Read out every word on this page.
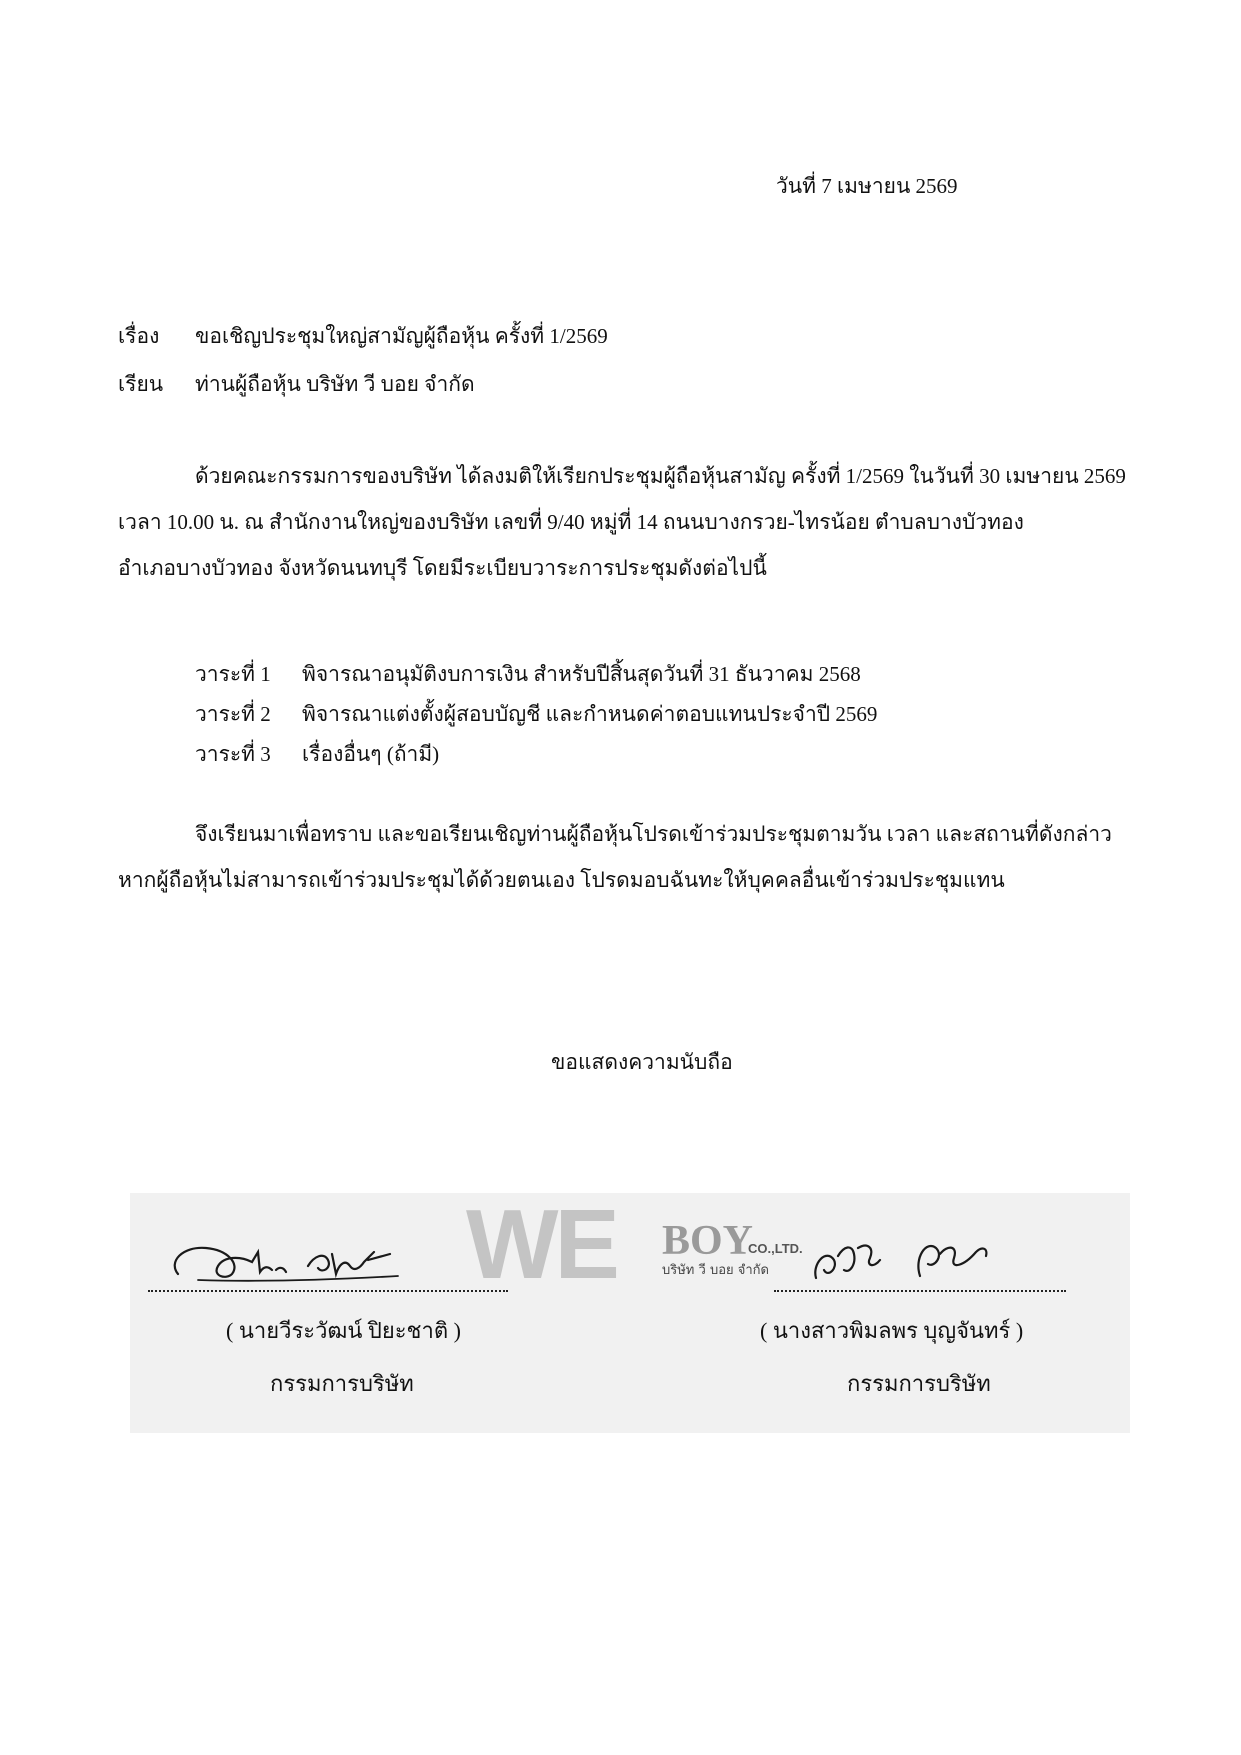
วันที่ 7 เมษายน 2569
เรื่อง ขอเชิญประชุมใหญ่สามัญผู้ถือหุ้น ครั้งที่ 1/2569
เรียน ท่านผู้ถือหุ้น บริษัท วี บอย จำกัด
ด้วยคณะกรรมการของบริษัท ได้ลงมติให้เรียกประชุมผู้ถือหุ้นสามัญ ครั้งที่ 1/2569 ในวันที่ 30 เมษายน 2569
เวลา 10.00 น. ณ สำนักงานใหญ่ของบริษัท เลขที่ 9/40 หมู่ที่ 14 ถนนบางกรวย-ไทรน้อย ตำบลบางบัวทอง
อำเภอบางบัวทอง จังหวัดนนทบุรี โดยมีระเบียบวาระการประชุมดังต่อไปนี้
วาระที่ 1 พิจารณาอนุมัติงบการเงิน สำหรับปีสิ้นสุดวันที่ 31 ธันวาคม 2568
วาระที่ 2 พิจารณาแต่งตั้งผู้สอบบัญชี และกำหนดค่าตอบแทนประจำปี 2569
วาระที่ 3 เรื่องอื่นๆ (ถ้ามี)
จึงเรียนมาเพื่อทราบ และขอเรียนเชิญท่านผู้ถือหุ้นโปรดเข้าร่วมประชุมตามวัน เวลา และสถานที่ดังกล่าว
หากผู้ถือหุ้นไม่สามารถเข้าร่วมประชุมได้ด้วยตนเอง โปรดมอบฉันทะให้บุคคลอื่นเข้าร่วมประชุมแทน
ขอแสดงความนับถือ
WE BOY
CO.,LTD.
บริษัท วี บอย จำกัด
( นายวีระวัฒน์ ปิยะชาติ )	( นางสาวพิมลพร บุญจันทร์ )
กรรมการบริษัท	กรรมการบริษัท
